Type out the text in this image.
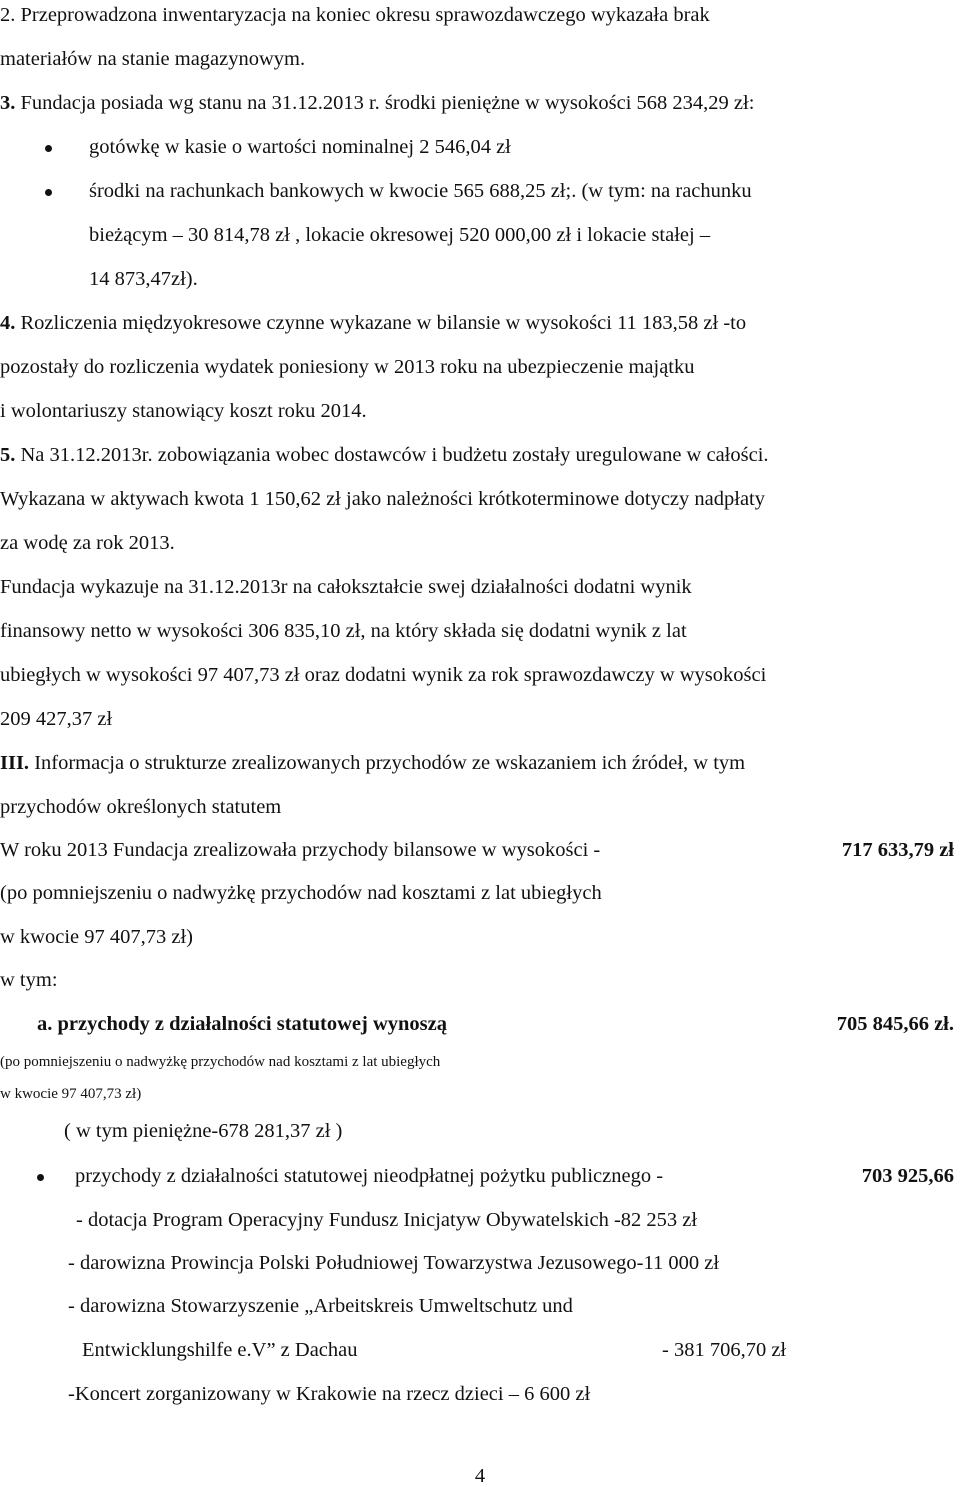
2. Przeprowadzona inwentaryzacja na koniec okresu sprawozdawczego wykazała brak
materiałów na stanie magazynowym.
3. Fundacja posiada wg stanu na 31.12.2013 r. środki pieniężne w wysokości 568 234,29 zł:
gotówkę w kasie o wartości nominalnej 2 546,04 zł
środki na rachunkach bankowych w kwocie 565 688,25 zł;. (w tym: na rachunku
bieżącym – 30 814,78 zł , lokacie okresowej 520 000,00 zł i lokacie stałej –
14 873,47zł).
4. Rozliczenia międzyokresowe czynne wykazane w bilansie w wysokości 11 183,58 zł -to
pozostały do rozliczenia wydatek poniesiony w 2013 roku na ubezpieczenie majątku
i wolontariuszy stanowiący koszt roku 2014.
5. Na 31.12.2013r. zobowiązania wobec dostawców i budżetu zostały uregulowane w całości.
Wykazana w aktywach kwota 1 150,62 zł jako należności krótkoterminowe dotyczy nadpłaty
za wodę za rok 2013.
Fundacja wykazuje na 31.12.2013r na całokształcie swej działalności dodatni wynik
finansowy netto w wysokości 306 835,10 zł, na który składa się dodatni wynik z lat
ubiegłych w wysokości 97 407,73 zł oraz dodatni wynik za rok sprawozdawczy w wysokości
209 427,37 zł
III. Informacja o strukturze zrealizowanych przychodów ze wskazaniem ich źródeł, w tym
przychodów określonych statutem
W roku 2013 Fundacja zrealizowała przychody bilansowe w wysokości -	717 633,79 zł
(po pomniejszeniu o nadwyżkę przychodów nad kosztami z lat ubiegłych
w kwocie 97 407,73 zł)
w tym:
a. przychody z działalności statutowej wynoszą	705 845,66 zł.
(po pomniejszeniu o nadwyżkę przychodów nad kosztami z lat ubiegłych
w kwocie 97 407,73 zł)
( w tym pieniężne-678 281,37 zł )
przychody z działalności statutowej nieodpłatnej pożytku publicznego -	703 925,66
- dotacja Program Operacyjny Fundusz Inicjatyw Obywatelskich -82 253 zł
- darowizna Prowincja Polski Południowej Towarzystwa Jezusowego-11 000 zł
- darowizna Stowarzyszenie „Arbeitskreis Umweltschutz und
Entwicklungshilfe e.V” z Dachau	- 381 706,70 zł
-Koncert zorganizowany w Krakowie na rzecz dzieci – 6 600 zł
4
